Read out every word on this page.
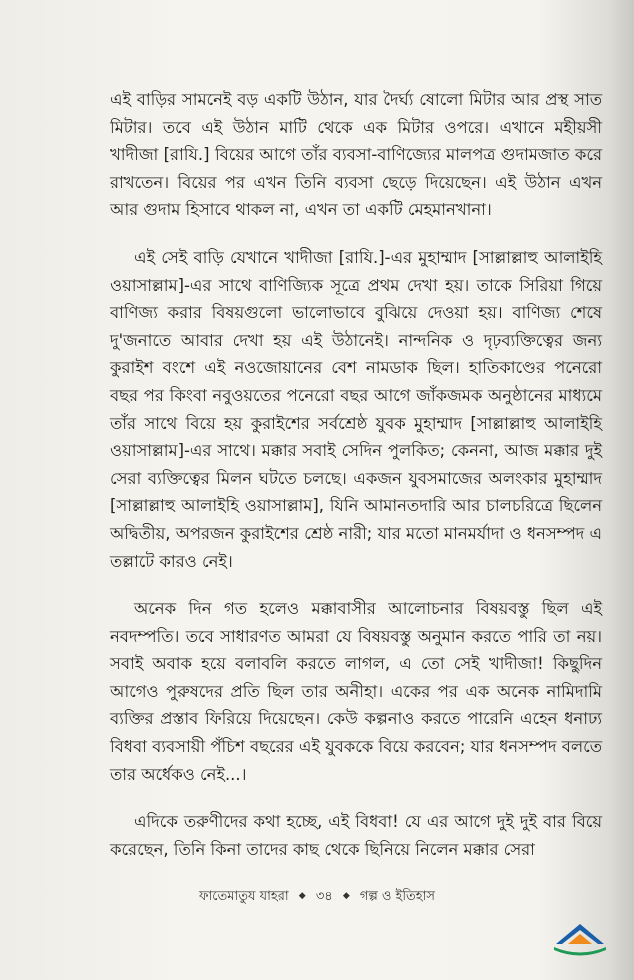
এই বাড়ির সামনেই বড় একটি উঠান, যার দৈর্ঘ্য ষোলো মিটার আর প্রস্থ সাত মিটার। তবে এই উঠান মাটি থেকে এক মিটার ওপরে। এখানে মহীয়সী খাদীজা [রাযি.] বিয়ের আগে তাঁর ব্যবসা-বাণিজ্যের মালপত্র গুদামজাত করে রাখতেন। বিয়ের পর এখন তিনি ব্যবসা ছেড়ে দিয়েছেন। এই উঠান এখন আর গুদাম হিসাবে থাকল না, এখন তা একটি মেহমানখানা।

এই সেই বাড়ি যেখানে খাদীজা [রাযি.]-এর মুহাম্মাদ [সাল্লাল্লাহু আলাইহি ওয়াসাল্লাম]-এর সাথে বাণিজ্যিক সূত্রে প্রথম দেখা হয়। তাকে সিরিয়া গিয়ে বাণিজ্য করার বিষয়গুলো ভালোভাবে বুঝিয়ে দেওয়া হয়। বাণিজ্য শেষে দু'জনাতে আবার দেখা হয় এই উঠানেই। নান্দনিক ও দৃঢ়ব্যক্তিত্বের জন্য কুরাইশ বংশে এই নওজোয়ানের বেশ নামডাক ছিল। হাতিকাণ্ডের পনেরো বছর পর কিংবা নবুওয়তের পনেরো বছর আগে জাঁকজমক অনুষ্ঠানের মাধ্যমে তাঁর সাথে বিয়ে হয় কুরাইশের সর্বশ্রেষ্ঠ যুবক মুহাম্মাদ [সাল্লাল্লাহু আলাইহি ওয়াসাল্লাম]-এর সাথে। মক্কার সবাই সেদিন পুলকিত; কেননা, আজ মক্কার দুই সেরা ব্যক্তিত্বের মিলন ঘটতে চলছে। একজন যুবসমাজের অলংকার মুহাম্মাদ [সাল্লাল্লাহু আলাইহি ওয়াসাল্লাম], যিনি আমানতদারি আর চালচরিত্রে ছিলেন অদ্বিতীয়, অপরজন কুরাইশের শ্রেষ্ঠ নারী; যার মতো মানমর্যাদা ও ধনসম্পদ এ তল্লাটে কারও নেই।

অনেক দিন গত হলেও মক্কাবাসীর আলোচনার বিষয়বস্তু ছিল এই নবদম্পতি। তবে সাধারণত আমরা যে বিষয়বস্তু অনুমান করতে পারি তা নয়। সবাই অবাক হয়ে বলাবলি করতে লাগল, এ তো সেই খাদীজা! কিছুদিন আগেও পুরুষদের প্রতি ছিল তার অনীহা। একের পর এক অনেক নামিদামি ব্যক্তির প্রস্তাব ফিরিয়ে দিয়েছেন। কেউ কল্পনাও করতে পারেনি এহেন ধনাঢ্য বিধবা ব্যবসায়ী পঁচিশ বছরের এই যুবককে বিয়ে করবেন; যার ধনসম্পদ বলতে তার অর্ধেকও নেই...।

এদিকে তরুণীদের কথা হচ্ছে, এই বিধবা! যে এর আগে দুই দুই বার বিয়ে করেছেন, তিনি কিনা তাদের কাছ থেকে ছিনিয়ে নিলেন মক্কার সেরা

ফাতেমাতুয যাহরা ◆ ৩৪ ◆ গল্প ও ইতিহাস
